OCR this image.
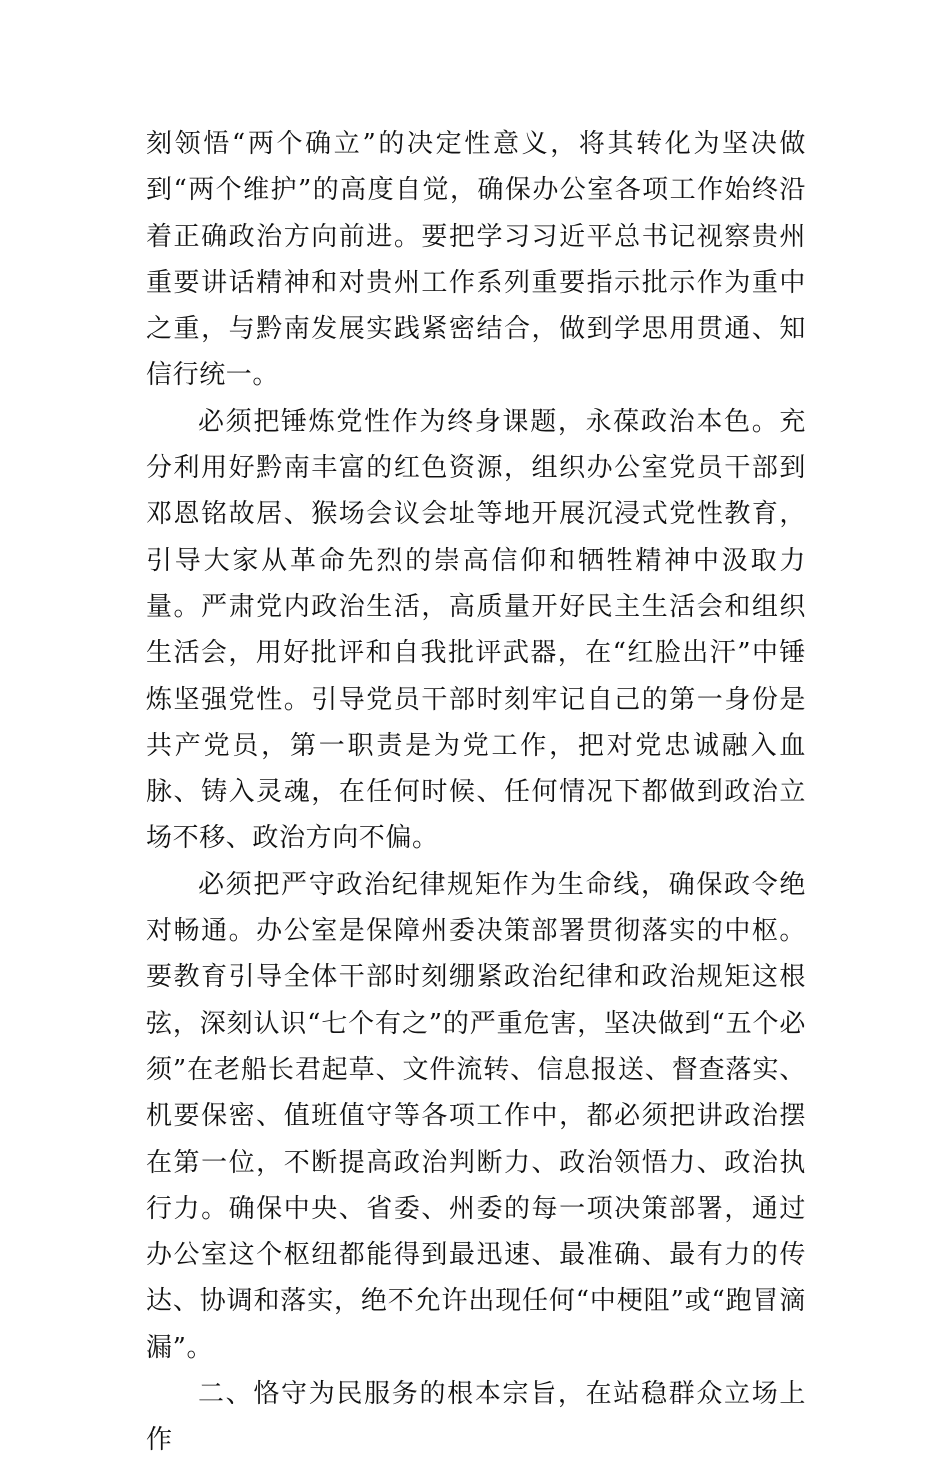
刻领悟“两个确立”的决定性意义，将其转化为坚决做到“两个维护”的高度自觉，确保办公室各项工作始终沿着正确政治方向前进。要把学习习近平总书记视察贵州重要讲话精神和对贵州工作系列重要指示批示作为重中之重，与黔南发展实践紧密结合，做到学思用贯通、知信行统一。

必须把锤炼党性作为终身课题，永葆政治本色。充分利用好黔南丰富的红色资源，组织办公室党员干部到邓恩铭故居、猴场会议会址等地开展沉浸式党性教育，引导大家从革命先烈的崇高信仰和牺牲精神中汲取力量。严肃党内政治生活，高质量开好民主生活会和组织生活会，用好批评和自我批评武器，在“红脸出汗”中锤炼坚强党性。引导党员干部时刻牢记自己的第一身份是共产党员，第一职责是为党工作，把对党忠诚融入血脉、铸入灵魂，在任何时候、任何情况下都做到政治立场不移、政治方向不偏。

必须把严守政治纪律规矩作为生命线，确保政令绝对畅通。办公室是保障州委决策部署贯彻落实的中枢。要教育引导全体干部时刻绷紧政治纪律和政治规矩这根弦，深刻认识“七个有之”的严重危害，坚决做到“五个必须”在老船长君起草、文件流转、信息报送、督查落实、机要保密、值班值守等各项工作中，都必须把讲政治摆在第一位，不断提高政治判断力、政治领悟力、政治执行力。确保中央、省委、州委的每一项决策部署，通过办公室这个枢纽都能得到最迅速、最准确、最有力的传达、协调和落实，绝不允许出现任何“中梗阻”或“跑冒滴漏”。

二、恪守为民服务的根本宗旨，在站稳群众立场上作
